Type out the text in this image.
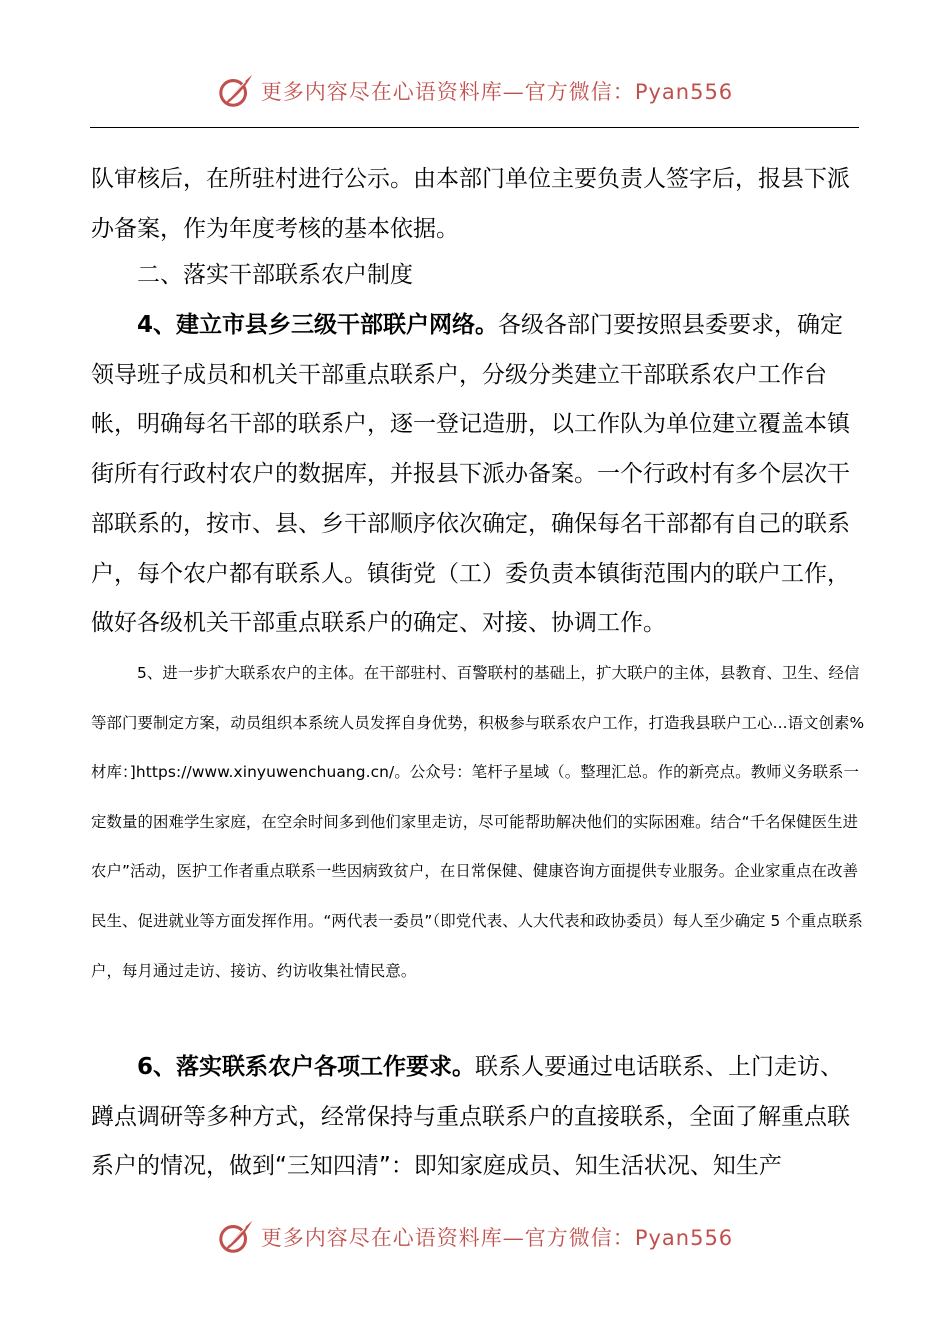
更多内容尽在心语资料库—官方微信：Pyan556

队审核后，在所驻村进行公示。由本部门单位主要负责人签字后，报县下派办备案，作为年度考核的基本依据。

二、落实干部联系农户制度

4、建立市县乡三级干部联户网络。各级各部门要按照县委要求，确定领导班子成员和机关干部重点联系户，分级分类建立干部联系农户工作台帐，明确每名干部的联系户，逐一登记造册，以工作队为单位建立覆盖本镇街所有行政村农户的数据库，并报县下派办备案。一个行政村有多个层次干部联系的，按市、县、乡干部顺序依次确定，确保每名干部都有自己的联系户，每个农户都有联系人。镇街党（工）委负责本镇街范围内的联户工作，做好各级机关干部重点联系户的确定、对接、协调工作。

5、进一步扩大联系农户的主体。在干部驻村、百警联村的基础上，扩大联户的主体，县教育、卫生、经信等部门要制定方案，动员组织本系统人员发挥自身优势，积极参与联系农户工作，打造我县联户工心...语文创素%材库：]https://www.xinyuwenchuang.cn/。公众号：笔杆子星域（。整理汇总。作的新亮点。教师义务联系一定数量的困难学生家庭，在空余时间多到他们家里走访，尽可能帮助解决他们的实际困难。结合“千名保健医生进农户”活动，医护工作者重点联系一些因病致贫户，在日常保健、健康咨询方面提供专业服务。企业家重点在改善民生、促进就业等方面发挥作用。“两代表一委员”（即党代表、人大代表和政协委员）每人至少确定 5 个重点联系户，每月通过走访、接访、约访收集社情民意。

6、落实联系农户各项工作要求。联系人要通过电话联系、上门走访、蹲点调研等多种方式，经常保持与重点联系户的直接联系，全面了解重点联系户的情况，做到“三知四清”：即知家庭成员、知生活状况、知生产

更多内容尽在心语资料库—官方微信：Pyan556
